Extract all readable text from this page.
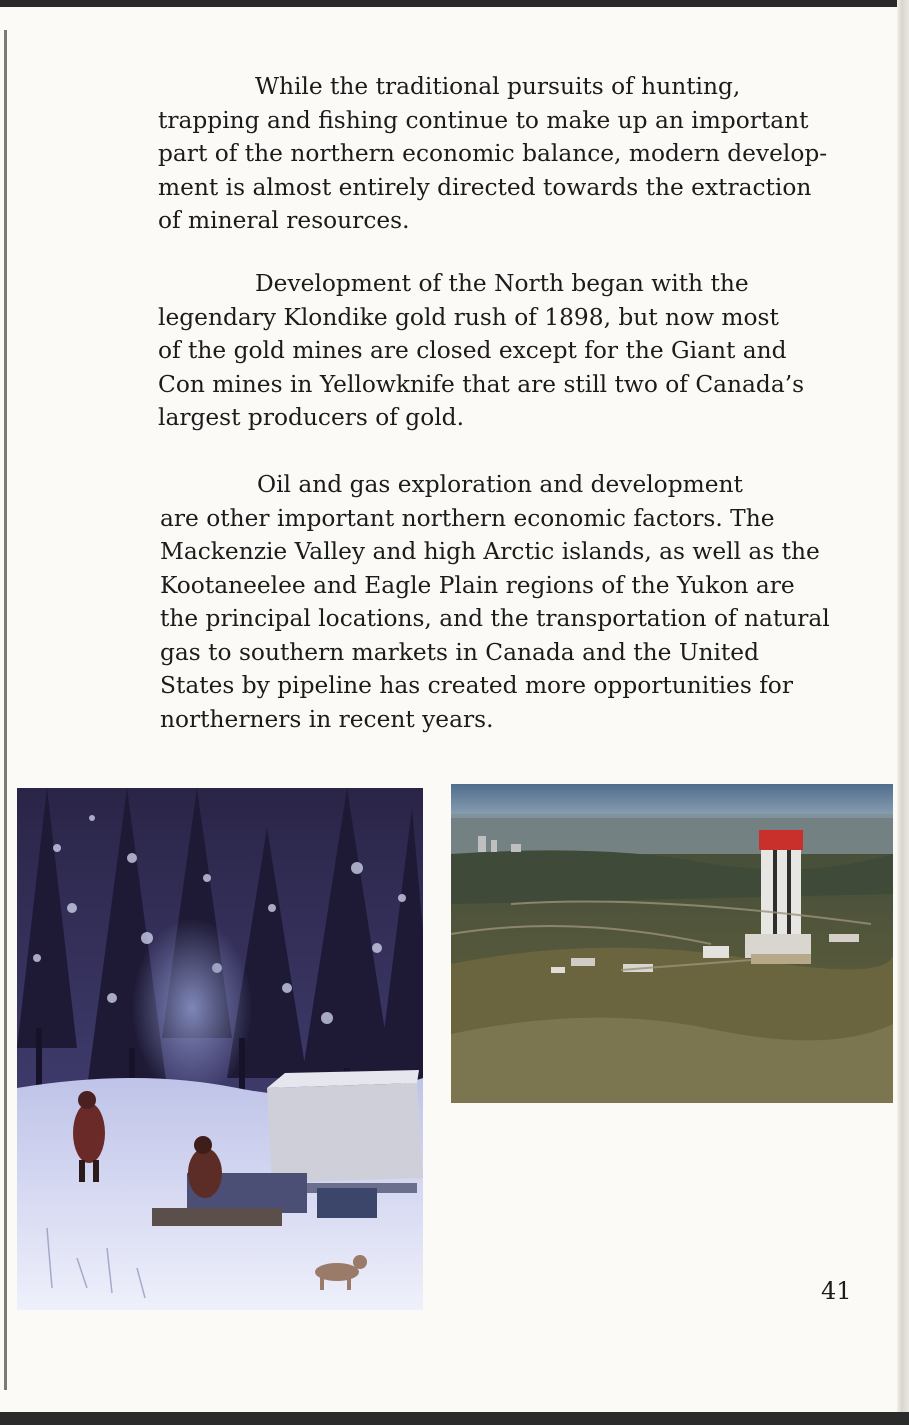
While the traditional pursuits of hunting,
trapping and fishing continue to make up an important
part of the northern economic balance, modern develop-
ment is almost entirely directed towards the extraction
of mineral resources.
Development of the North began with the
legendary Klondike gold rush of 1898, but now most
of the gold mines are closed except for the Giant and
Con mines in Yellowknife that are still two of Canada’s
largest producers of gold.
Oil and gas exploration and development
are other important northern economic factors. The
Mackenzie Valley and high Arctic islands, as well as the
Kootaneelee and Eagle Plain regions of the Yukon are
the principal locations, and the transportation of natural
gas to southern markets in Canada and the United
States by pipeline has created more opportunities for
northerners in recent years.
41
